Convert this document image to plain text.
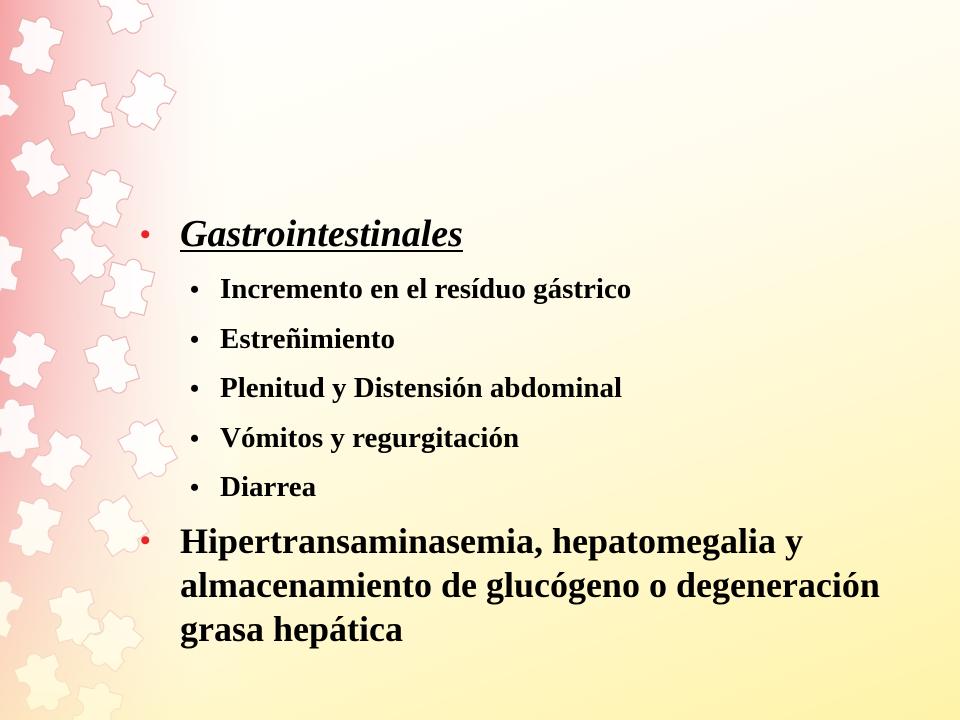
• Gastrointestinales
• Incremento en el resíduo gástrico
• Estreñimiento
• Plenitud y Distensión abdominal
• Vómitos y regurgitación
• Diarrea
• Hipertransaminasemia, hepatomegalia y almacenamiento de glucógeno o degeneración grasa hepática
